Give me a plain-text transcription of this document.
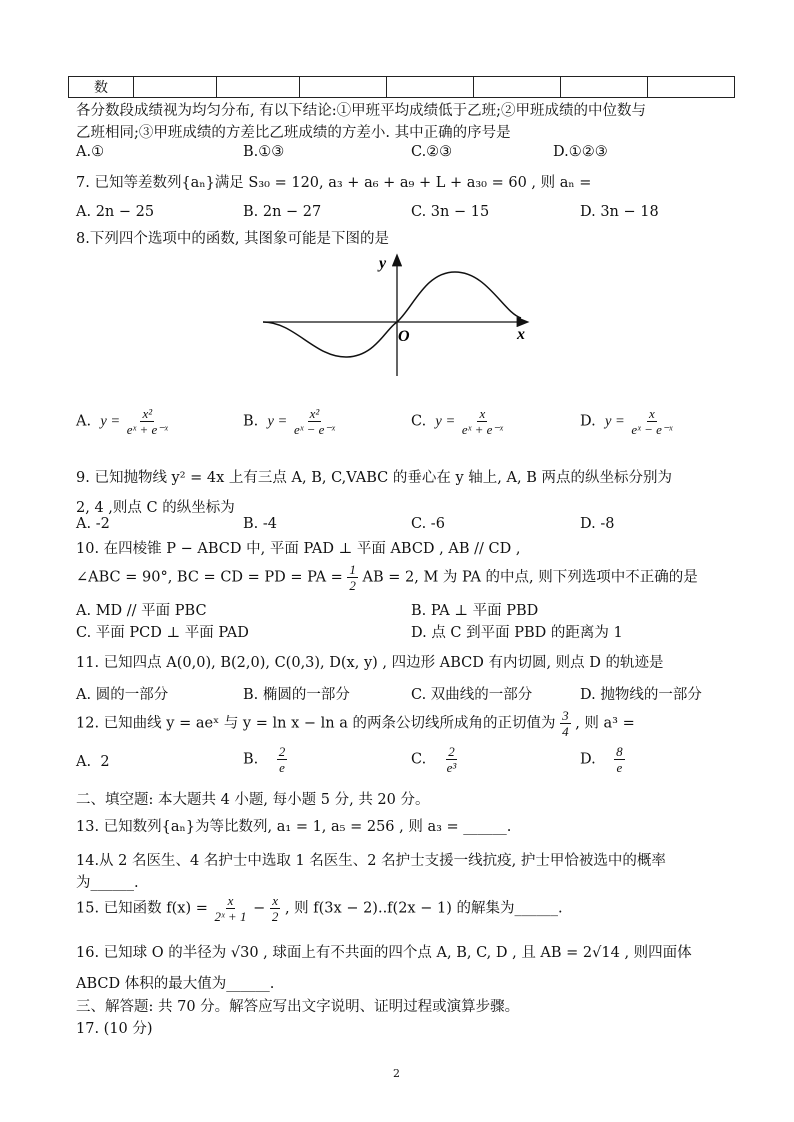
数							
各分数段成绩视为均匀分布, 有以下结论:①甲班平均成绩低于乙班;②甲班成绩的中位数与
乙班相同;③甲班成绩的方差比乙班成绩的方差小. 其中正确的序号是
A.①	B.①③	C.②③	D.①②③
7. 已知等差数列{aₙ}满足 S₃₀ = 120, a₃ + a₆ + a₉ + L + a₃₀ = 60 , 则 aₙ =
A. 2n − 25	B. 2n − 27	C. 3n − 15	D. 3n − 18
8.下列四个选项中的函数, 其图象可能是下图的是
y
x
O
A. $y = \frac{\text{x²}}{\text{eˣ + e⁻ˣ}}$	B. $y = \frac{\text{x²}}{\text{eˣ − e⁻ˣ}}$	C. $y = \frac{x}{\text{eˣ + e⁻ˣ}}$	D. $y = \frac{x}{\text{eˣ − e⁻ˣ}}$
9. 已知抛物线 y² = 4x 上有三点 A, B, C,VABC 的垂心在 y 轴上, A, B 两点的纵坐标分别为
2, 4 ,则点 C 的纵坐标为
A. -2	B. -4	C. -6	D. -8
10. 在四棱锥 P − ABCD 中, 平面 PAD ⊥ 平面 ABCD , AB // CD ,
∠ABC = 90°, BC = CD = PD = PA = $\frac{1}{2}$ AB = 2, M 为 PA 的中点, 则下列选项中不正确的是
A. MD // 平面 PBC	B. PA ⊥ 平面 PBD
C. 平面 PCD ⊥ 平面 PAD	D. 点 C 到平面 PBD 的距离为 1
11. 已知四点 A(0,0), B(2,0), C(0,3), D(x, y) , 四边形 ABCD 有内切圆, 则点 D 的轨迹是
A. 圆的一部分	B. 椭圆的一部分	C. 双曲线的一部分	D. 抛物线的一部分
12. 已知曲线 y = aeˣ 与 y = ln x − ln a 的两条公切线所成角的正切值为 $\frac{3}{4}$ , 则 a³ =
A. 2	B. $\frac{2}{e}$	C. $\frac{2}{\text{e³}}$	D. $\frac{8}{e}$
二、填空题: 本大题共 4 小题, 每小题 5 分, 共 20 分。
13. 已知数列{aₙ}为等比数列, a₁ = 1, a₅ = 256 , 则 a₃ = ______.
14.从 2 名医生、4 名护士中选取 1 名医生、2 名护士支援一线抗疫, 护士甲恰被选中的概率
为______.
15. 已知函数 $f(x) = \frac{x}{\text{2ˣ + 1}} - \frac{x}{2}$ , 则 f(3x − 2)..f(2x − 1) 的解集为______.
16. 已知球 O 的半径为 √30 , 球面上有不共面的四个点 A, B, C, D , 且 AB = 2√14 , 则四面体
ABCD 体积的最大值为______.
三、解答题: 共 70 分。解答应写出文字说明、证明过程或演算步骤。
17. (10 分)
2
